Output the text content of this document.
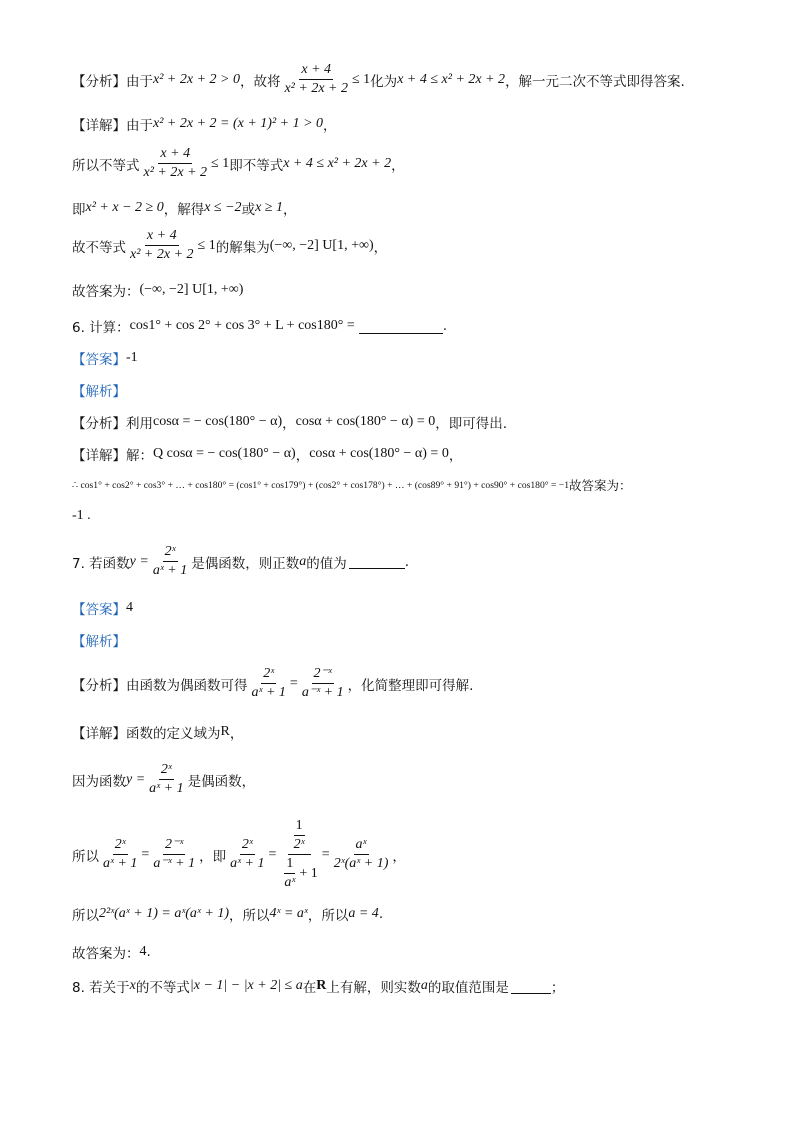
【分析】 由于 x² + 2x + 2 > 0 ，故将 $\frac{x + 4}{\text{x² + 2x + 2}} \le 1$ 化为 x + 4 ≤ x² + 2x + 2 ，解一元二次不等式即得答案.
【详解】 由于 x² + 2x + 2 = (x + 1)² + 1 > 0 ，
所以不等式 $\frac{x + 4}{\text{x² + 2x + 2}} \le 1$ 即不等式 x + 4 ≤ x² + 2x + 2 ，
即 x² + x − 2 ≥ 0 ，解得 x ≤ −2 或 x ≥ 1 ，
故不等式 $\frac{x + 4}{\text{x² + 2x + 2}} \le 1$ 的解集为 (−∞, −2] U[1, +∞) ，
故答案为： (−∞, −2] U[1, +∞)
6. 计算： cos1° + cos 2° + cos 3° + L + cos180° =	.
【答案】 -1
【解析】
【分析】 利用 cosα = − cos(180° − α) ， cosα + cos(180° − α) = 0 ，即可得出.
【详解】 解： Q cosα = − cos(180° − α) ， cosα + cos(180° − α) = 0 ，
∴ cos1° + cos2° + cos3° + … + cos180° = (cos1° + cos179°) + (cos2° + cos178°) + … + (cos89° + 91°) + cos90° + cos180° = −1 故答案为：
-1 .
7. 若函数 $y = \frac{\text{2ˣ}}{\text{aˣ + 1}}$ 是偶函数，则正数 a 的值为	.
【答案】 4
【解析】
【分析】 由函数为偶函数可得 $\frac{\text{2ˣ}}{\text{aˣ + 1}} = \frac{\text{2⁻ˣ}}{\text{a⁻ˣ + 1}}$ ，化简整理即可得解.
【详解】 函数的定义域为 R ，
因为函数 $y = \frac{\text{2ˣ}}{\text{aˣ + 1}}$ 是偶函数，
所以 $\frac{\text{2ˣ}}{\text{aˣ + 1}} = \frac{\text{2⁻ˣ}}{\text{a⁻ˣ + 1}}$ ，即 $\frac{\text{2ˣ}}{\text{aˣ + 1}} = \frac{\frac{1}{\text{2ˣ}}}{\frac{1}{\text{aˣ}} + 1} = \frac{\text{aˣ}}{\text{2ˣ(aˣ + 1)}}$ ，
所以 2²ˣ(aˣ + 1) = aˣ(aˣ + 1) ，所以 4ˣ = aˣ ，所以 a = 4 .
故答案为： 4 .
8. 若关于 x 的不等式 |x − 1| − |x + 2| ≤ a 在 R 上有解，则实数 a 的取值范围是	；
